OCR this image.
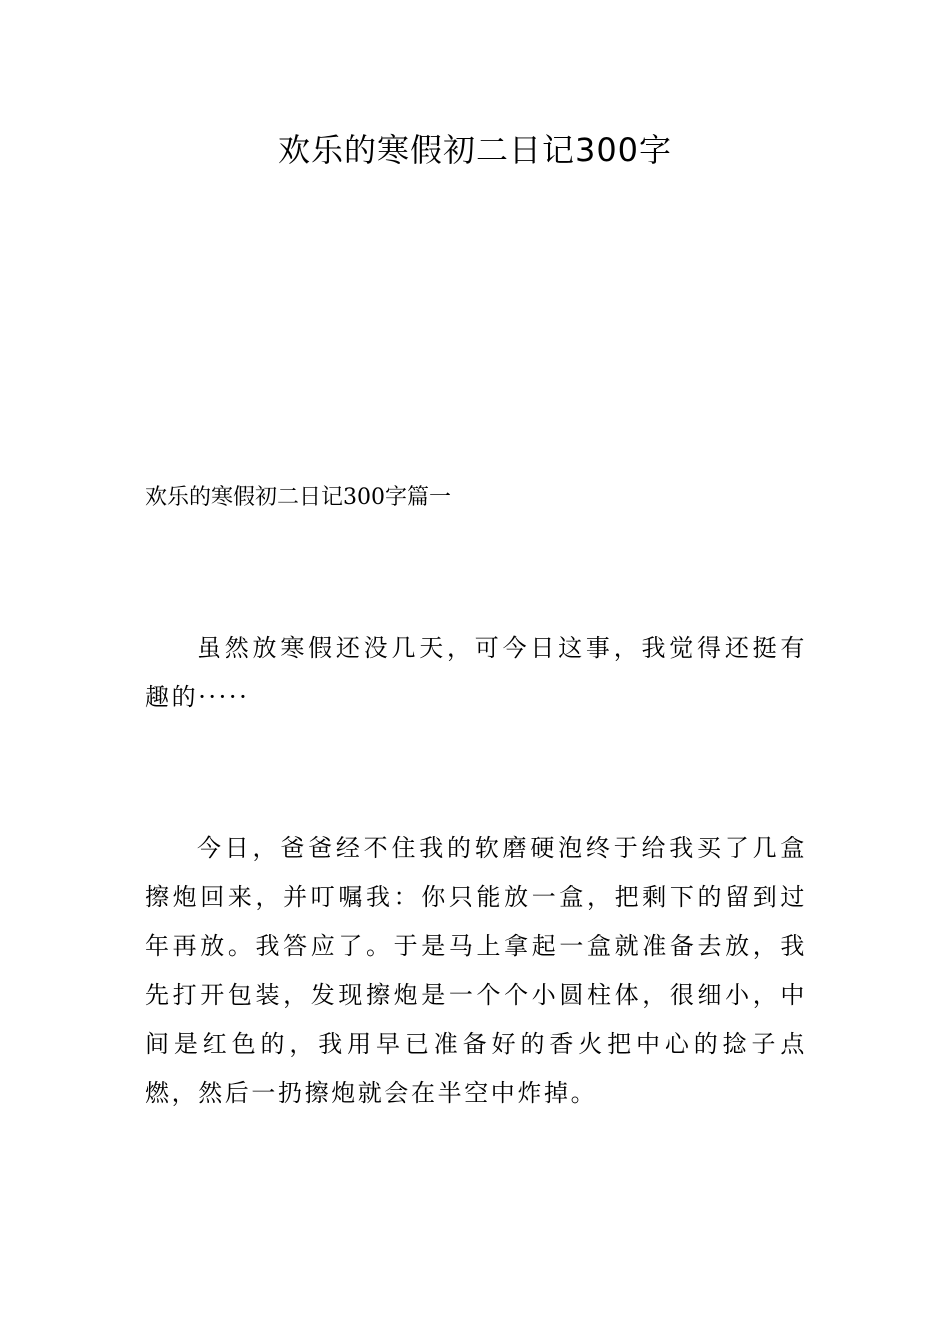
欢乐的寒假初二日记300字
欢乐的寒假初二日记300字篇一

虽然放寒假还没几天，可今日这事，我觉得还挺有趣的·····

今日，爸爸经不住我的软磨硬泡终于给我买了几盒擦炮回来，并叮嘱我：你只能放一盒，把剩下的留到过年再放。我答应了。于是马上拿起一盒就准备去放，我先打开包装，发现擦炮是一个个小圆柱体，很细小，中间是红色的，我用早已准备好的香火把中心的捻子点燃，然后一扔擦炮就会在半空中炸掉。
